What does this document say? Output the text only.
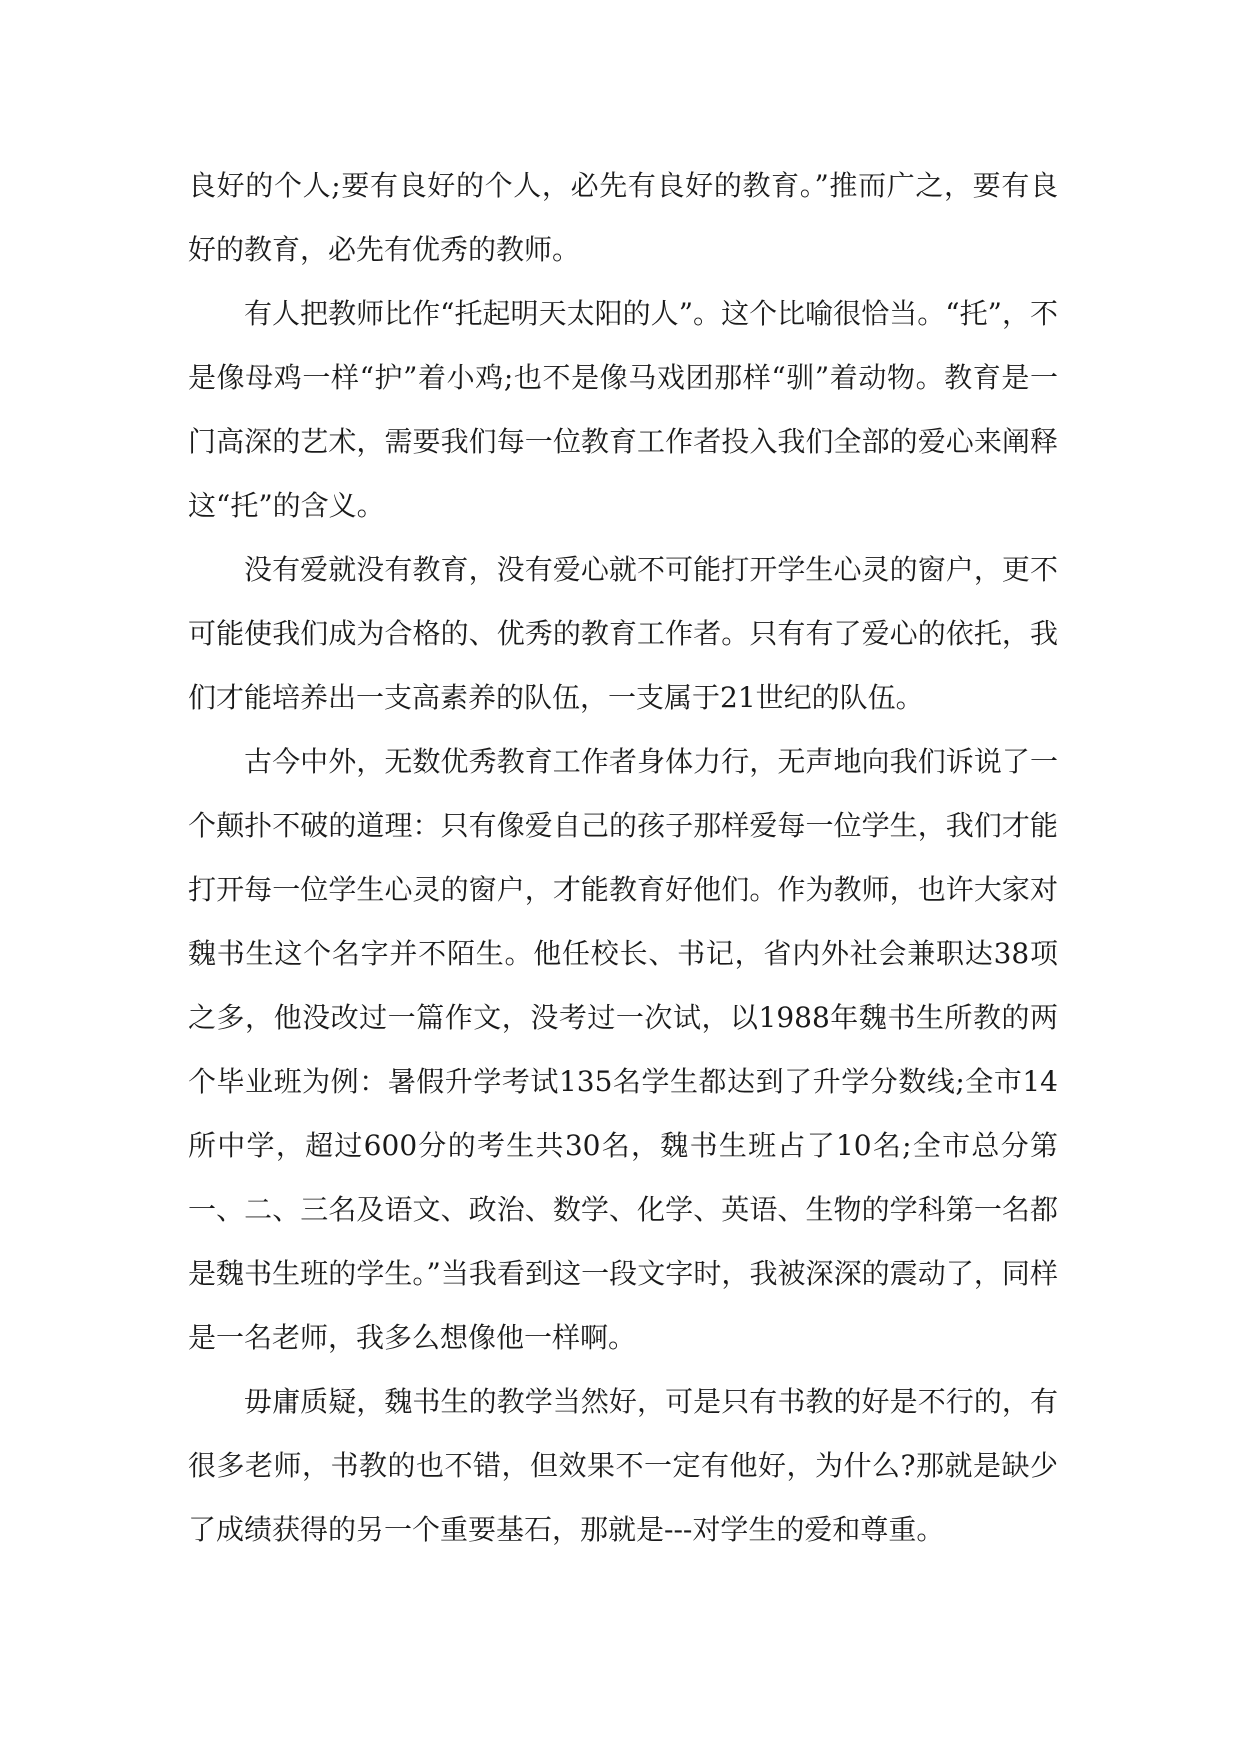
良好的个人;要有良好的个人，必先有良好的教育。”推而广之，要有良好的教育，必先有优秀的教师。

有人把教师比作“托起明天太阳的人”。这个比喻很恰当。“托”，不是像母鸡一样“护”着小鸡;也不是像马戏团那样“驯”着动物。教育是一门高深的艺术，需要我们每一位教育工作者投入我们全部的爱心来阐释这“托”的含义。

没有爱就没有教育，没有爱心就不可能打开学生心灵的窗户，更不可能使我们成为合格的、优秀的教育工作者。只有有了爱心的依托，我们才能培养出一支高素养的队伍，一支属于21世纪的队伍。

古今中外，无数优秀教育工作者身体力行，无声地向我们诉说了一个颠扑不破的道理：只有像爱自己的孩子那样爱每一位学生，我们才能打开每一位学生心灵的窗户，才能教育好他们。作为教师，也许大家对魏书生这个名字并不陌生。他任校长、书记，省内外社会兼职达38项之多，他没改过一篇作文，没考过一次试，以1988年魏书生所教的两个毕业班为例：暑假升学考试135名学生都达到了升学分数线;全市14所中学，超过600分的考生共30名，魏书生班占了10名;全市总分第一、二、三名及语文、政治、数学、化学、英语、生物的学科第一名都是魏书生班的学生。”当我看到这一段文字时，我被深深的震动了，同样是一名老师，我多么想像他一样啊。

毋庸质疑，魏书生的教学当然好，可是只有书教的好是不行的，有很多老师，书教的也不错，但效果不一定有他好，为什么?那就是缺少了成绩获得的另一个重要基石，那就是---对学生的爱和尊重。
